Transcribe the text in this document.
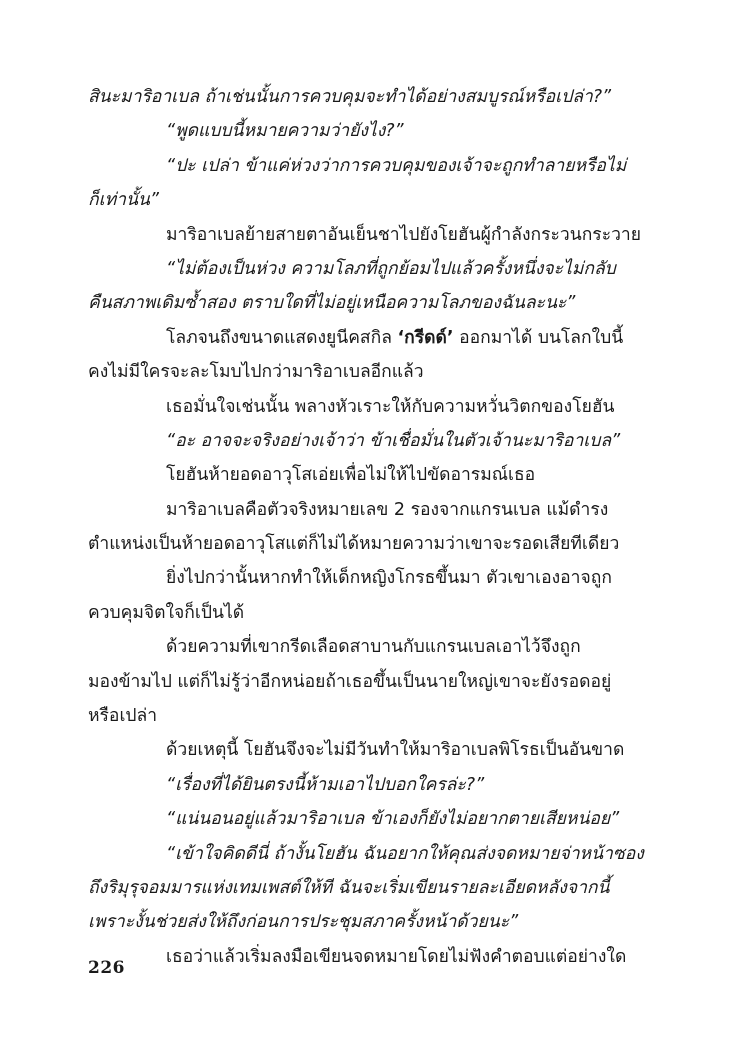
สินะมาริอาเบล ถ้าเช่นนั้นการควบคุมจะทำได้อย่างสมบูรณ์หรือเปล่า?”
“พูดแบบนี้หมายความว่ายังไง?”
“ปะ เปล่า ข้าแค่ห่วงว่าการควบคุมของเจ้าจะถูกทำลายหรือไม่
ก็เท่านั้น”
มาริอาเบลย้ายสายตาอันเย็นชาไปยังโยฮันผู้กำลังกระวนกระวาย
“ไม่ต้องเป็นห่วง ความโลภที่ถูกย้อมไปแล้วครั้งหนึ่งจะไม่กลับ
คืนสภาพเดิมซ้ำสอง ตราบใดที่ไม่อยู่เหนือความโลภของฉันละนะ”
โลภจนถึงขนาดแสดงยูนีคสกิล ‘กรีดด์’ ออกมาได้ บนโลกใบนี้
คงไม่มีใครจะละโมบไปกว่ามาริอาเบลอีกแล้ว
เธอมั่นใจเช่นนั้น พลางหัวเราะให้กับความหวั่นวิตกของโยฮัน
“อะ อาจจะจริงอย่างเจ้าว่า ข้าเชื่อมั่นในตัวเจ้านะมาริอาเบล”
โยฮันห้ายอดอาวุโสเอ่ยเพื่อไม่ให้ไปขัดอารมณ์เธอ
มาริอาเบลคือตัวจริงหมายเลข 2 รองจากแกรนเบล แม้ดำรง
ตำแหน่งเป็นห้ายอดอาวุโสแต่ก็ไม่ได้หมายความว่าเขาจะรอดเสียทีเดียว
ยิ่งไปกว่านั้นหากทำให้เด็กหญิงโกรธขึ้นมา ตัวเขาเองอาจถูก
ควบคุมจิตใจก็เป็นได้
ด้วยความที่เขากรีดเลือดสาบานกับแกรนเบลเอาไว้จึงถูก
มองข้ามไป แต่ก็ไม่รู้ว่าอีกหน่อยถ้าเธอขึ้นเป็นนายใหญ่เขาจะยังรอดอยู่
หรือเปล่า
ด้วยเหตุนี้ โยฮันจึงจะไม่มีวันทำให้มาริอาเบลพิโรธเป็นอันขาด
“เรื่องที่ได้ยินตรงนี้ห้ามเอาไปบอกใครล่ะ?”
“แน่นอนอยู่แล้วมาริอาเบล ข้าเองก็ยังไม่อยากตายเสียหน่อย”
“เข้าใจคิดดีนี่ ถ้างั้นโยฮัน ฉันอยากให้คุณส่งจดหมายจ่าหน้าซอง
ถึงริมุรุจอมมารแห่งเทมเพสต์ให้ที ฉันจะเริ่มเขียนรายละเอียดหลังจากนี้
เพราะงั้นช่วยส่งให้ถึงก่อนการประชุมสภาครั้งหน้าด้วยนะ”
เธอว่าแล้วเริ่มลงมือเขียนจดหมายโดยไม่ฟังคำตอบแต่อย่างใด
226
